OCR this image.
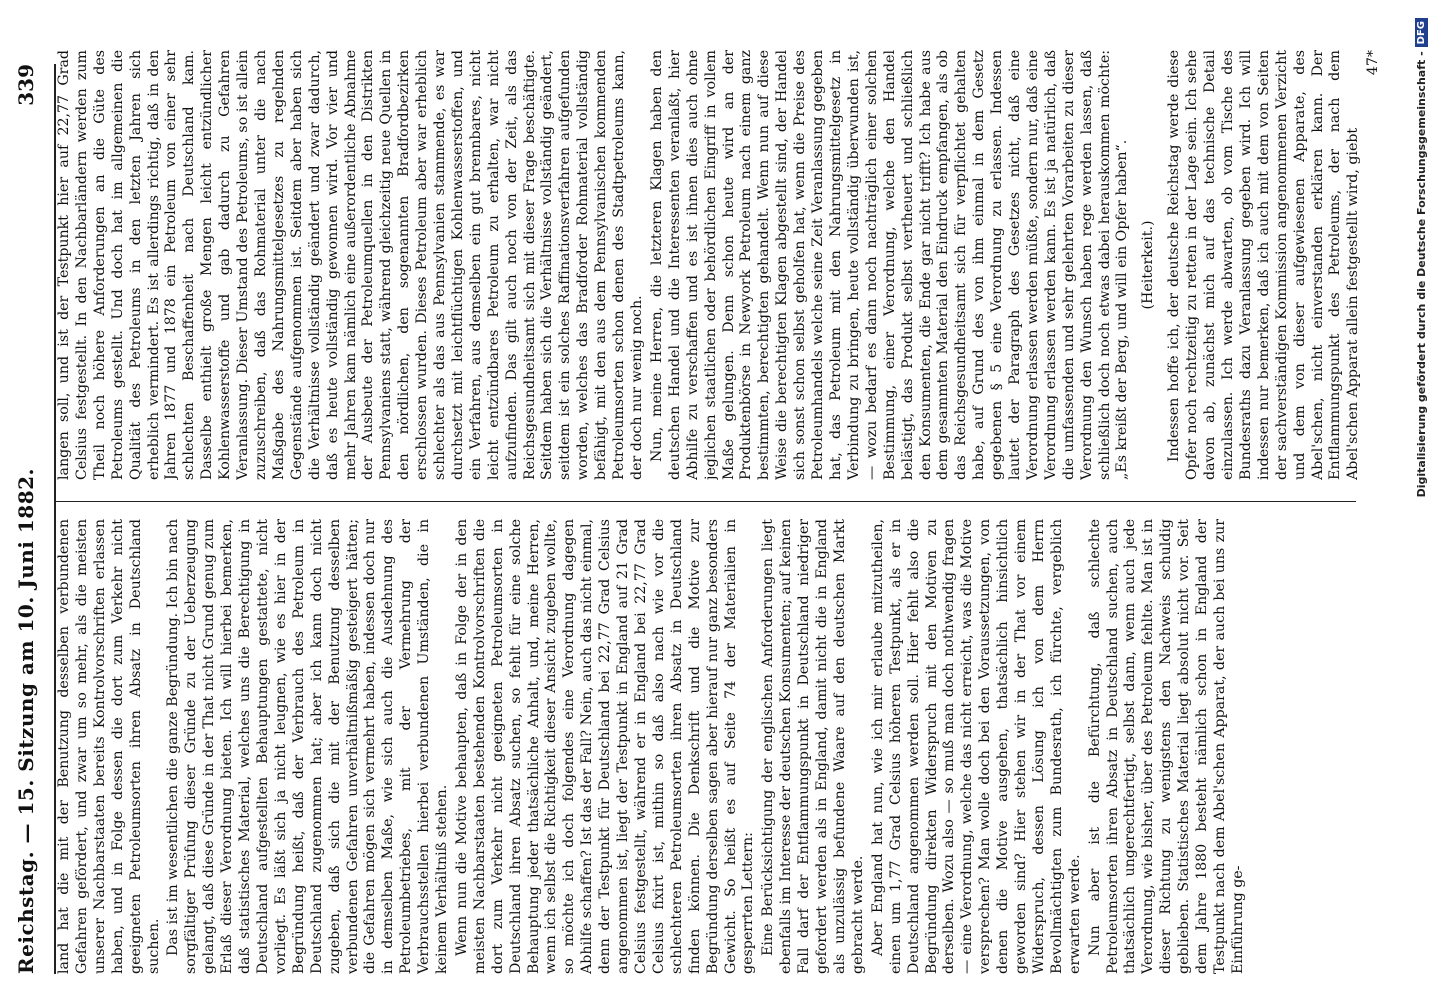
Reichstag. — 15. Sitzung am 10. Juni 1882.
339

land hat die mit der Benutzung desselben verbundenen Gefahren gefördert, und zwar um so mehr, als die meisten unserer Nachbarstaaten bereits Kontrolvorschriften erlassen haben, und in Folge dessen die dort zum Verkehr nicht geeigneten Petroleumsorten ihren Absatz in Deutschland suchen. Das ist im wesentlichen die ganze Begründung. Ich bin nach sorgfältiger Prüfung dieser Gründe zu der Ueberzeugung gelangt, daß diese Gründe in der That nicht Grund genug zum Erlaß dieser Verordnung bieten. Ich will hierbei bemerken, daß statistisches Material, welches uns die Berechtigung in Deutschland aufgestellten Behauptungen gestattete, nicht vorliegt. Es läßt sich ja nicht leugnen, wie es hier in der Begründung heißt, daß der Verbrauch des Petroleum in Deutschland zugenommen hat; aber ich kann doch nicht zugeben, daß sich die mit der Benutzung desselben verbundenen Gefahren unverhältnißmäßig gesteigert hätten; die Gefahren mögen sich vermehrt haben, indessen doch nur in demselben Maße, wie sich auch die Ausdehnung des Petroleumbetriebes, mit der Vermehrung der Verbrauchsstellen hierbei verbundenen Umständen, die in keinem Verhältniß stehen. Wenn nun die Motive behaupten, daß in Folge der in den meisten Nachbarstaaten bestehenden Kontrolvorschriften die dort zum Verkehr nicht geeigneten Petroleumsorten in Deutschland ihren Absatz suchen, so fehlt für eine solche Behauptung jeder thatsächliche Anhalt, und, meine Herren, wenn ich selbst die Richtigkeit dieser Ansicht zugeben wollte, so möchte ich doch folgendes eine Verordnung dagegen Abhilfe schaffen? Ist das der Fall? Nein, auch das nicht einmal, denn der Testpunkt für Deutschland bei 22,77 Grad Celsius angenommen ist, liegt der Testpunkt in England auf 21 Grad Celsius festgestellt, während er in England bei 22,77 Grad Celsius fixirt ist, mithin so daß also nach wie vor die schlechteren Petroleumsorten ihren Absatz in Deutschland finden können. Die Denkschrift und die Motive zur Begründung derselben sagen aber hierauf nur ganz besonders Gewicht. So heißt es auf Seite 74 der Materialien in gesperrten Lettern: Eine Berücksichtigung der englischen Anforderungen liegt ebenfalls im Interesse der deutschen Konsumenten; auf keinen Fall darf der Entflammungspunkt in Deutschland niedriger gefordert werden als in England, damit nicht die in England als unzulässig befundene Waare auf den deutschen Markt gebracht werde. Aber England hat nun, wie ich mir erlaube mitzutheilen, einen um 1,77 Grad Celsius höheren Testpunkt, als er in Deutschland angenommen werden soll. Hier fehlt also die Begründung direkten Widerspruch mit den Motiven zu derselben. Wozu also — so muß man doch nothwendig fragen — eine Verordnung, welche das nicht erreicht, was die Motive versprechen? Man wolle doch bei den Voraussetzungen, von denen die Motive ausgehen, thatsächlich hinsichtlich geworden sind? Hier stehen wir in der That vor einem Widerspruch, dessen Lösung ich von dem Herrn Bevollmächtigten zum Bundesrath, ich fürchte, vergeblich erwarten werde. Nun aber ist die Befürchtung, daß schlechte Petroleumsorten ihren Absatz in Deutschland suchen, auch thatsächlich ungerechtfertigt, selbst dann, wenn auch jede Verordnung, wie bisher, über des Petroleum fehlte. Man ist in dieser Richtung zu wenigstens den Nachweis schuldig geblieben. Statistisches Material liegt absolut nicht vor. Seit dem Jahre 1880 besteht nämlich schon in England der Testpunkt nach dem Abel'schen Apparat, der auch bei uns zur Einführung ge-

langen soll, und ist der Testpunkt hier auf 22,77 Grad Celsius festgestellt. In den Nachbarländern werden zum Theil noch höhere Anforderungen an die Güte des Petroleums gestellt. Und doch hat im allgemeinen die Qualität des Petroleums in den letzten Jahren sich erheblich vermindert. Es ist allerdings richtig, daß in den Jahren 1877 und 1878 ein Petroleum von einer sehr schlechten Beschaffenheit nach Deutschland kam. Dasselbe enthielt große Mengen leicht entzündlicher Kohlenwasserstoffe und gab dadurch zu Gefahren Veranlassung. Dieser Umstand des Petroleums, so ist allein zuzuschreiben, daß das Rohmaterial unter die nach Maßgabe des Nahrungsmittelgesetzes zu regelnden Gegenstände aufgenommen ist. Seitdem aber haben sich die Verhältnisse vollständig geändert und zwar dadurch, daß es heute vollständig gewonnen wird. Vor vier und mehr Jahren kam nämlich eine außerordentliche Abnahme der Ausbeute der Petroleumquellen in den Distrikten Pennsylvaniens statt, während gleichzeitig neue Quellen in den nördlichen, den sogenannten Bradfordbezirken erschlossen wurden. Dieses Petroleum aber war erheblich schlechter als das aus Pennsylvanien stammende, es war durchsetzt mit leichtflüchtigen Kohlenwasserstoffen, und ein Verfahren, aus demselben ein gut brennbares, nicht leicht entzündbares Petroleum zu erhalten, war nicht aufzufinden. Das gilt auch noch von der Zeit, als das Reichsgesundheitsamt sich mit dieser Frage beschäftigte. Seitdem haben sich die Verhältnisse vollständig geändert, seitdem ist ein solches Raffinationsverfahren aufgefunden worden, welches das Bradforder Rohmaterial vollständig befähigt, mit den aus dem Pennsylvanischen kommenden Petroleumsorten schon denen des Stadtpetroleums kann, der doch nur wenig noch. Nun, meine Herren, die letzteren Klagen haben den deutschen Handel und die Interessenten veranlaßt, hier Abhilfe zu verschaffen und es ist ihnen dies auch ohne jeglichen staatlichen oder behördlichen Eingriff in vollem Maße gelungen. Denn schon heute wird an der Produktenbörse in Newyork Petroleum nach einem ganz bestimmten, berechtigten gehandelt. Wenn nun auf diese Weise die berechtigten Klagen abgestellt sind, der Handel sich sonst schon selbst geholfen hat, wenn die Preise des Petroleumhandels welche seine Zeit Veranlassung gegeben hat, das Petroleum mit den Nahrungsmittelgesetz in Verbindung zu bringen, heute vollständig überwunden ist, — wozu bedarf es dann noch nachträglich einer solchen Bestimmung, einer Verordnung, welche den Handel belästigt, das Produkt selbst vertheuert und schließlich den Konsumenten, die Ende gar nicht trifft? Ich habe aus dem gesammten Material den Eindruck empfangen, als ob das Reichsgesundheitsamt sich für verpflichtet gehalten habe, auf Grund des von ihm einmal in dem Gesetz gegebenen § 5 eine Verordnung zu erlassen. Indessen lautet der Paragraph des Gesetzes nicht, daß eine Verordnung erlassen werden müßte, sondern nur, daß eine Verordnung erlassen werden kann. Es ist ja natürlich, daß die umfassenden und sehr gelehrten Vorarbeiten zu dieser Verordnung den Wunsch haben rege werden lassen, daß schließlich doch noch etwas dabei herauskommen möchte: „Es kreißt der Berg, und will ein Opfer haben“. (Heiterkeit.) Indessen hoffe ich, der deutsche Reichstag werde diese Opfer noch rechtzeitig zu retten in der Lage sein. Ich sehe davon ab, zunächst mich auf das technische Detail einzulassen. Ich werde abwarten, ob vom Tische des Bundesraths dazu Veranlassung gegeben wird. Ich will indessen nur bemerken, daß ich auch mit dem von Seiten der sachverständigen Kommission angenommenen Verzicht und dem von dieser aufgewiesenen Apparate, des Abel'schen, nicht einverstanden erklären kann. Der Entflammungspunkt des Petroleums, der nach dem Abel'schen Apparat allein festgestellt wird, giebt

47*	Digitalisierung gefördert durch die Deutsche Forschungsgemeinschaft -
DFG
